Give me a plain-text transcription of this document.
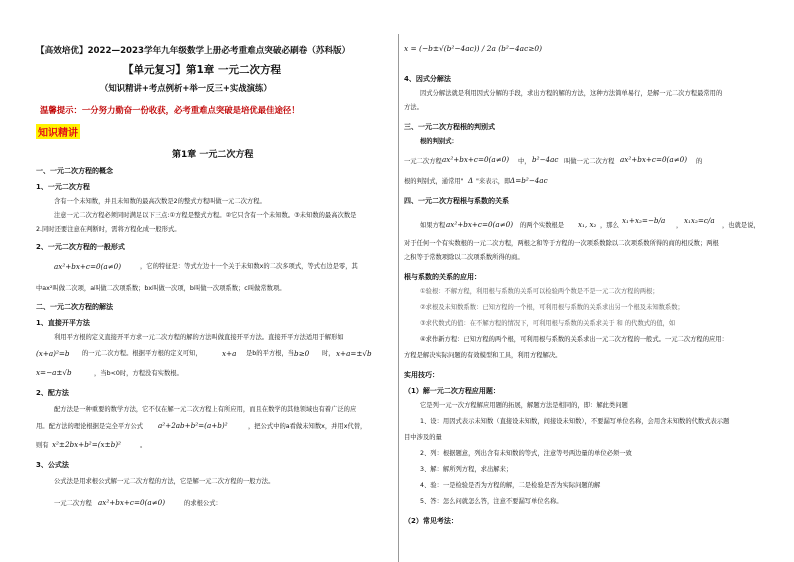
【高效培优】2022—2023学年九年级数学上册必考重难点突破必刷卷（苏科版）
【单元复习】第1章 一元二次方程
（知识精讲+考点例析+举一反三+实战演练）
温馨提示：一分努力勤奋一份收获，必考重难点突破是培优最佳途径！
知识精讲
第1章 一元二次方程
一、一元二次方程的概念
1、一元二次方程
含有一个未知数，并且未知数的最高次数是2的整式方程叫做一元二次方程。
注意一元二次方程必须同时满足以下三点:①方程是整式方程。②它只含有一个未知数。③未知数的最高次数是
2.同时还要注意在判断时，需将方程化成一般形式。
2、一元二次方程的一般形式
ax²+bx+c=0(a≠0)	，它的特征是：等式左边十一个关于未知数x的二次多项式，等式右边是零，其
中ax²叫做二次项，a叫做二次项系数；bx叫做一次项，b叫做一次项系数；c叫做常数项。
二、一元二次方程的解法
1、直接开平方法
利用平方根的定义直接开平方求一元二次方程的解的方法叫做直接开平方法。直接开平方法适用于解形如
(x+a)²=b 的一元二次方程。根据平方根的定义可知，	x+a 是b的平方根，当 b≥0 时， x+a=±√b
x=−a±√b	，当b<0时，方程没有实数根。
2、配方法
配方法是一种重要的数学方法，它不仅在解一元二次方程上有所应用，而且在数学的其他领域也有着广泛的应
用。配方法的理论根据是完全平方公式 a²+2ab+b²=(a+b)²	，把公式中的a看做未知数x，并用x代替，
则有 x²±2bx+b²=(x±b)²	。
3、公式法
公式法是用求根公式解一元二次方程的方法，它是解一元二次方程的一般方法。
一元二次方程 ax²+bx+c=0(a≠0)	的求根公式：
x = (−b±√(b²−4ac)) / 2a (b²−4ac≥0)
4、因式分解法
因式分解法就是利用因式分解的手段，求出方程的解的方法，这种方法简单易行，是解一元二次方程最常用的
方法。
三、一元二次方程根的判别式
根的判别式：
一元二次方程 ax²+bx+c=0(a≠0) 中， b²−4ac 叫做一元二次方程 ax²+bx+c=0(a≠0) 的
根的判别式，通常用" Δ "来表示，即 Δ=b²−4ac
四、一元二次方程根与系数的关系
如果方程 ax²+bx+c=0(a≠0) 的两个实数根是 x₁, x₂ ，那么
x₁+x₂=−b/a
，
x₁x₂=c/a
，也就是说，
对于任何一个有实数根的一元二次方程，两根之和等于方程的一次项系数除以二次项系数所得的商的相反数；两根
之积等于常数项除以二次项系数所得的商。
根与系数的关系的应用：
①验根：不解方程，利用根与系数的关系可以检验两个数是不是一元二次方程的两根；
②求根及未知数系数：已知方程的一个根，可利用根与系数的关系求出另一个根及未知数系数；
③求代数式的值：在不解方程的情况下，可利用根与系数的关系求关于 和 的代数式的值，如
④求作新方程：已知方程的两个根，可利用根与系数的关系求出一元二次方程的一般式。一元二次方程的应用：
方程是解决实际问题的有效模型和工具，利用方程解决。
实用技巧：
（1）解一元二次方程应用题：
它是列一元一次方程解应用题的拓展，解题方法是相同的，即：解此类问题
1、设：用因式表示未知数（直接设未知数，间接设未知数），不要漏写单位名称，会用含未知数的代数式表示题
目中涉及的量
2、列：根据题意，列出含有未知数的等式，注意等号两边量的单位必须一致
3、解：解所列方程，求出解来；
4、验：一是检验是否为方程的解，二是检验是否为实际问题的解
5、答：怎么问就怎么答，注意不要漏写单位名称。
（2）常见考法：
